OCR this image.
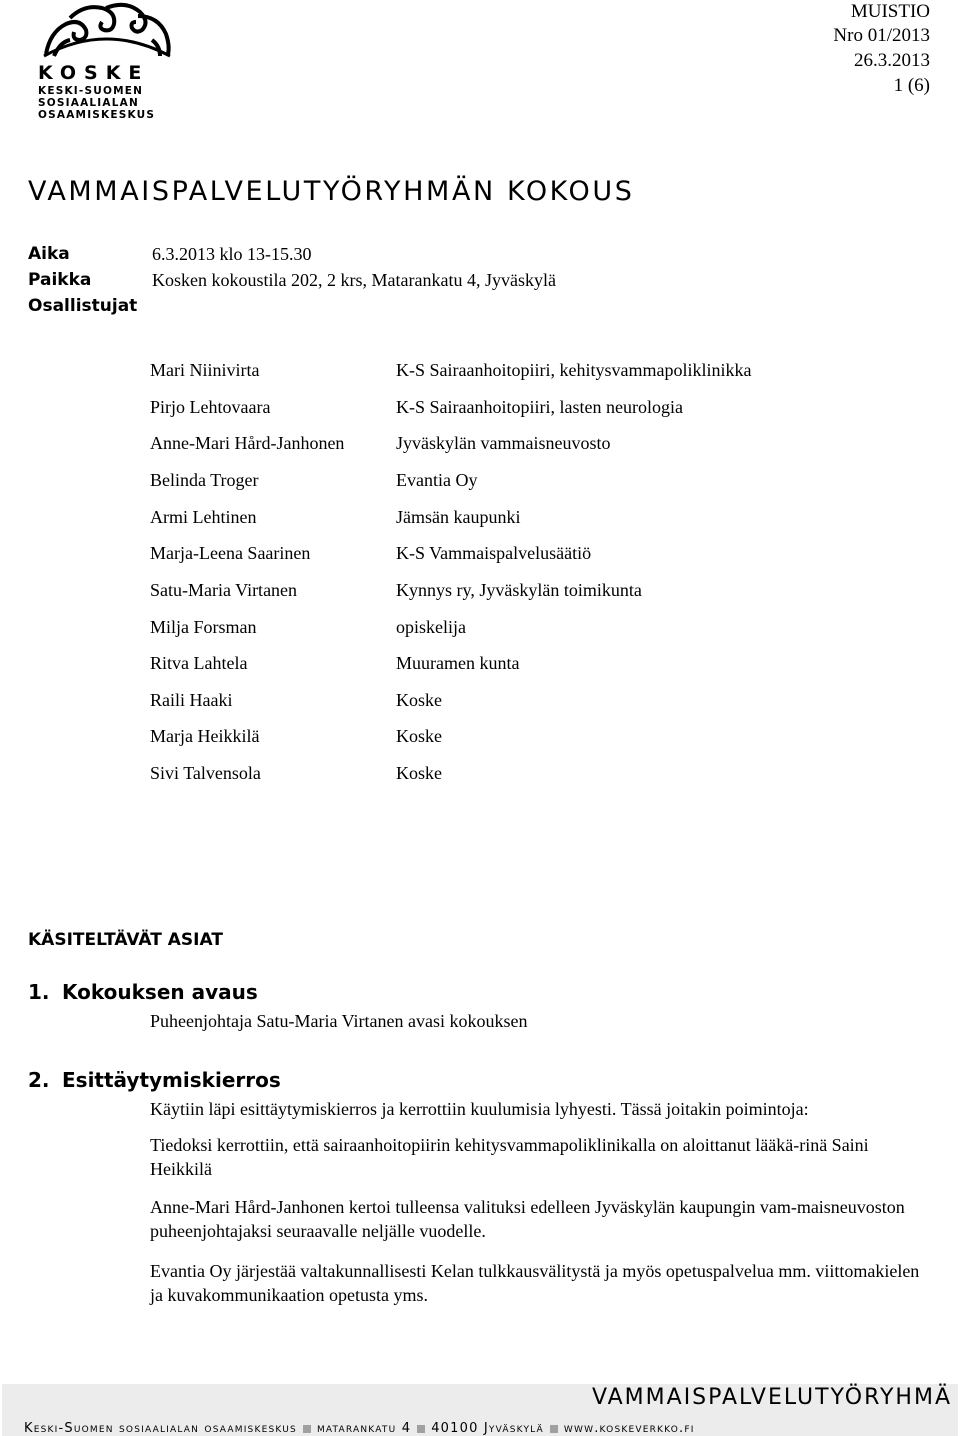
KOSKE
KESKI-SUOMEN
SOSIAALIALAN
OSAAMISKESKUS
MUISTIO
Nro 01/2013
26.3.2013
1 (6)
VAMMAISPALVELUTYÖRYHMÄN KOKOUS
Aika	6.3.2013 klo 13-15.30
Paikka	Kosken kokoustila 202, 2 krs, Matarankatu 4, Jyväskylä
Osallistujat
Mari Niinivirta	K-S Sairaanhoitopiiri, kehitysvammapoliklinikka
Pirjo Lehtovaara	K-S Sairaanhoitopiiri, lasten neurologia
Anne-Mari Hård-Janhonen	Jyväskylän vammaisneuvosto
Belinda Troger	Evantia Oy
Armi Lehtinen	Jämsän kaupunki
Marja-Leena Saarinen	K-S Vammaispalvelusäätiö
Satu-Maria Virtanen	Kynnys ry, Jyväskylän toimikunta
Milja Forsman	opiskelija
Ritva Lahtela	Muuramen kunta
Raili Haaki	Koske
Marja Heikkilä	Koske
Sivi Talvensola	Koske
KÄSITELTÄVÄT ASIAT
1. Kokouksen avaus
Puheenjohtaja Satu-Maria Virtanen avasi kokouksen
2. Esittäytymiskierros
Käytiin läpi esittäytymiskierros ja kerrottiin kuulumisia lyhyesti. Tässä joitakin poimintoja:
Tiedoksi kerrottiin, että sairaanhoitopiirin kehitysvammapoliklinikalla on aloittanut lääkä-rinä Saini Heikkilä
Anne-Mari Hård-Janhonen kertoi tulleensa valituksi edelleen Jyväskylän kaupungin vam-maisneuvoston puheenjohtajaksi seuraavalle neljälle vuodelle.
Evantia Oy järjestää valtakunnallisesti Kelan tulkkausvälitystä ja myös opetuspalvelua mm. viittomakielen ja kuvakommunikaation opetusta yms.
VAMMAISPALVELUTYÖRYHMÄ
Keski-Suomen sosiaalialan osaamiskeskus matarankatu 4 40100 Jyväskylä www.koskeverkko.fi
